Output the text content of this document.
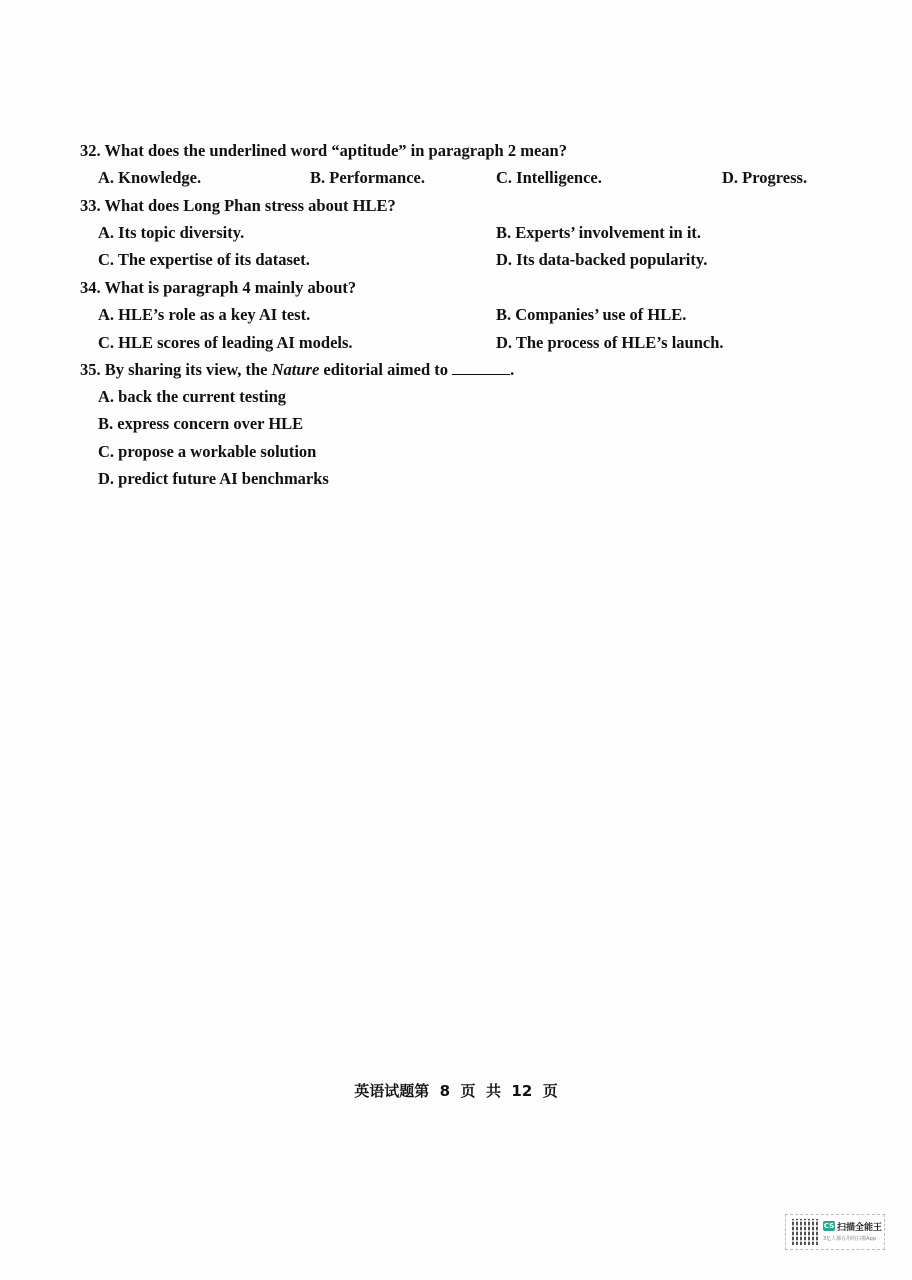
32. What does the underlined word “aptitude” in paragraph 2 mean?
A. Knowledge.	B. Performance.	C. Intelligence.	D. Progress.
33. What does Long Phan stress about HLE?
A. Its topic diversity.	B. Experts’ involvement in it.
C. The expertise of its dataset.	D. Its data-backed popularity.
34. What is paragraph 4 mainly about?
A. HLE’s role as a key AI test.	B. Companies’ use of HLE.
C. HLE scores of leading AI models.	D. The process of HLE’s launch.
35. By sharing its view, the Nature editorial aimed to	.
A. back the current testing
B. express concern over HLE
C. propose a workable solution
D. predict future AI benchmarks
英语试题第  8  页  共  12  页
CS 扫描全能王
3亿人都在用的扫描App
